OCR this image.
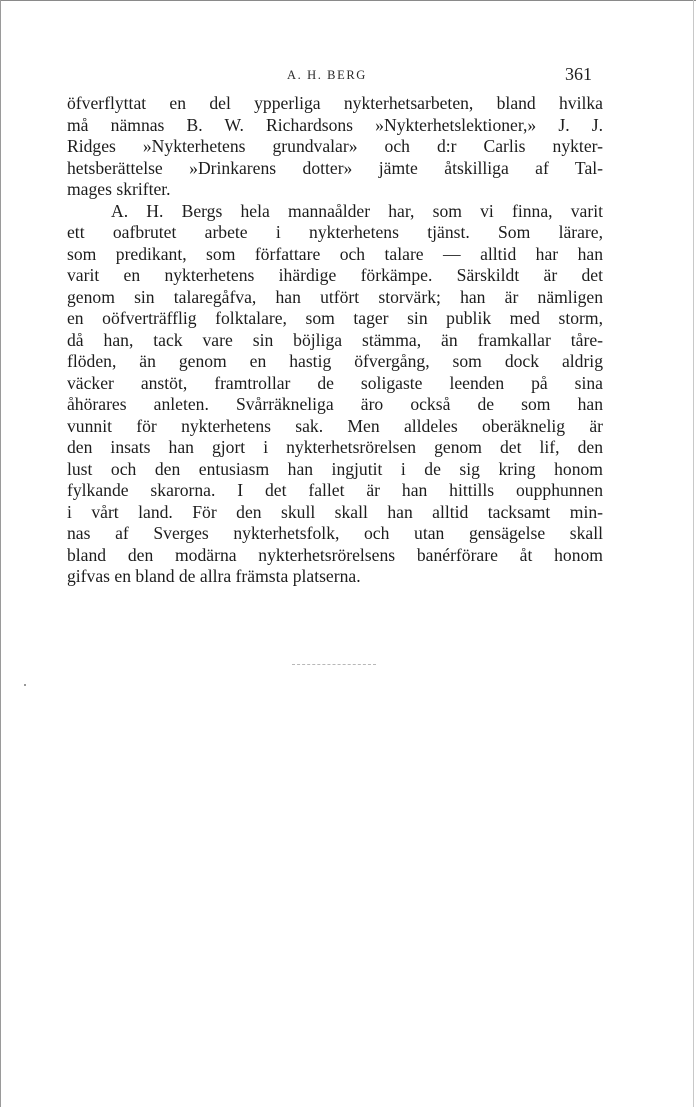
A. H. BERG	361
öfverflyttat en del ypperliga nykterhetsarbeten, bland hvilka
må nämnas B. W. Richardsons »Nykterhetslektioner,» J. J.
Ridges »Nykterhetens grundvalar» och d:r Carlis nykter-
hetsberättelse »Drinkarens dotter» jämte åtskilliga af Tal-
mages skrifter.
A. H. Bergs hela mannaålder har, som vi finna, varit
ett oafbrutet arbete i nykterhetens tjänst. Som lärare,
som predikant, som författare och talare — alltid har han
varit en nykterhetens ihärdige förkämpe. Särskildt är det
genom sin talaregåfva, han utfört storvärk; han är nämligen
en oöfverträfflig folktalare, som tager sin publik med storm,
då han, tack vare sin böjliga stämma, än framkallar tåre-
flöden, än genom en hastig öfvergång, som dock aldrig
väcker anstöt, framtrollar de soligaste leenden på sina
åhörares anleten. Svårräkneliga äro också de som han
vunnit för nykterhetens sak. Men alldeles oberäknelig är
den insats han gjort i nykterhetsrörelsen genom det lif, den
lust och den entusiasm han ingjutit i de sig kring honom
fylkande skarorna. I det fallet är han hittills oupphunnen
i vårt land. För den skull skall han alltid tacksamt min-
nas af Sverges nykterhetsfolk, och utan gensägelse skall
bland den modärna nykterhetsrörelsens banérförare åt honom
gifvas en bland de allra främsta platserna.
